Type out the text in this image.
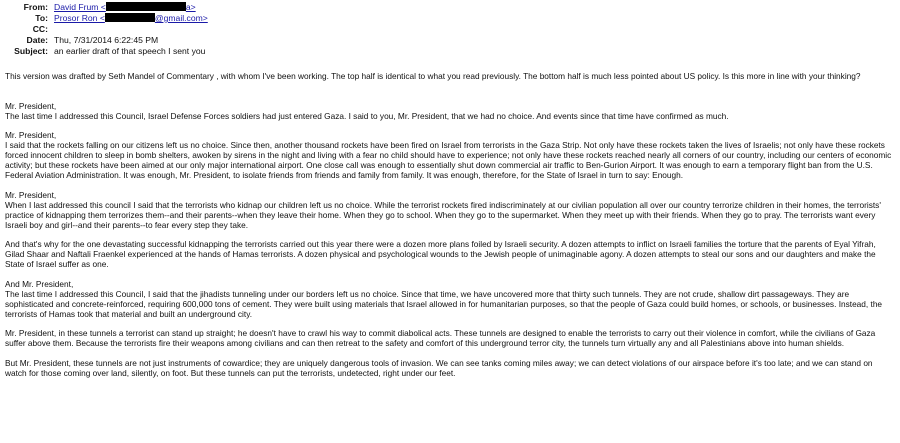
From: David Frum <	a>
To: Prosor Ron <	@gmail.com>
CC:
Date: Thu, 7/31/2014 6:22:45 PM
Subject: an earlier draft of that speech I sent you

This version was drafted by Seth Mandel of Commentary , with whom I've been working. The top half is identical to what you read previously. The bottom half is much less pointed about US policy. Is this more in line with your thinking?

Mr. President,
The last time I addressed this Council, Israel Defense Forces soldiers had just entered Gaza. I said to you, Mr. President, that we had no choice. And events since that time have confirmed as much.

Mr. President,
I said that the rockets falling on our citizens left us no choice. Since then, another thousand rockets have been fired on Israel from terrorists in the Gaza Strip. Not only have these rockets taken the lives of Israelis; not only have these rockets forced innocent children to sleep in bomb shelters, awoken by sirens in the night and living with a fear no child should have to experience; not only have these rockets reached nearly all corners of our country, including our centers of economic activity; but these rockets have been aimed at our only major international airport. One close call was enough to essentially shut down commercial air traffic to Ben-Gurion Airport. It was enough to earn a temporary flight ban from the U.S. Federal Aviation Administration. It was enough, Mr. President, to isolate friends from friends and family from family. It was enough, therefore, for the State of Israel in turn to say: Enough.

Mr. President,
When I last addressed this council I said that the terrorists who kidnap our children left us no choice. While the terrorist rockets fired indiscriminately at our civilian population all over our country terrorize children in their homes, the terrorists' practice of kidnapping them terrorizes them--and their parents--when they leave their home. When they go to school. When they go to the supermarket. When they meet up with their friends. When they go to pray. The terrorists want every Israeli boy and girl--and their parents--to fear every step they take.

And that's why for the one devastating successful kidnapping the terrorists carried out this year there were a dozen more plans foiled by Israeli security. A dozen attempts to inflict on Israeli families the torture that the parents of Eyal Yifrah, Gilad Shaar and Naftali Fraenkel experienced at the hands of Hamas terrorists. A dozen physical and psychological wounds to the Jewish people of unimaginable agony. A dozen attempts to steal our sons and our daughters and make the State of Israel suffer as one.

And Mr. President,
The last time I addressed this Council, I said that the jihadists tunneling under our borders left us no choice. Since that time, we have uncovered more that thirty such tunnels. They are not crude, shallow dirt passageways. They are sophisticated and concrete-reinforced, requiring 600,000 tons of cement. They were built using materials that Israel allowed in for humanitarian purposes, so that the people of Gaza could build homes, or schools, or businesses. Instead, the terrorists of Hamas took that material and built an underground city.

Mr. President, in these tunnels a terrorist can stand up straight; he doesn't have to crawl his way to commit diabolical acts. These tunnels are designed to enable the terrorists to carry out their violence in comfort, while the civilians of Gaza suffer above them. Because the terrorists fire their weapons among civilians and can then retreat to the safety and comfort of this underground terror city, the tunnels turn virtually any and all Palestinians above into human shields.

But Mr. President, these tunnels are not just instruments of cowardice; they are uniquely dangerous tools of invasion. We can see tanks coming miles away; we can detect violations of our airspace before it's too late; and we can stand on watch for those coming over land, silently, on foot. But these tunnels can put the terrorists, undetected, right under our feet.
